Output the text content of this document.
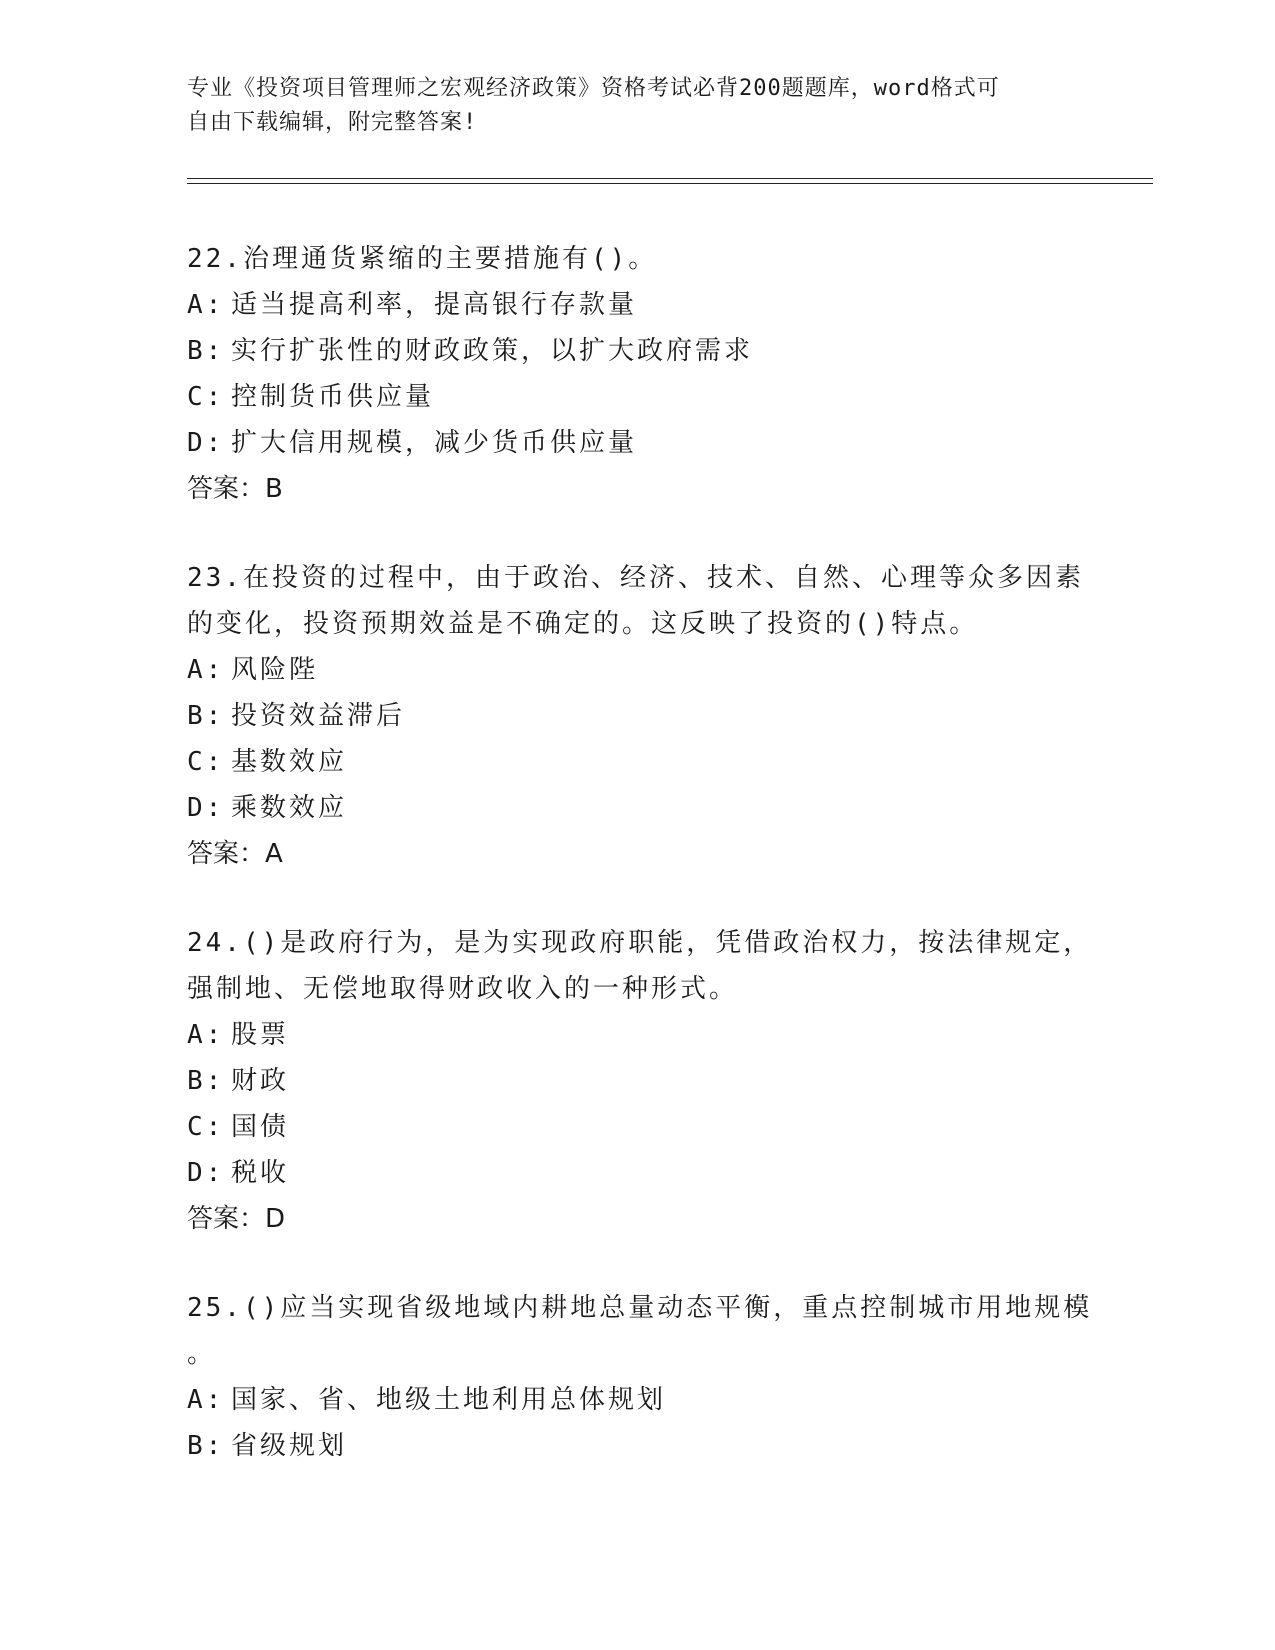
专业《投资项目管理师之宏观经济政策》资格考试必背200题题库，word格式可
自由下载编辑，附完整答案!
22.治理通货紧缩的主要措施有()。
A: 适当提高利率，提高银行存款量
B: 实行扩张性的财政政策，以扩大政府需求
C: 控制货币供应量
D: 扩大信用规模，减少货币供应量
答案：B
23.在投资的过程中，由于政治、经济、技术、自然、心理等众多因素
的变化，投资预期效益是不确定的。这反映了投资的()特点。
A: 风险陛
B: 投资效益滞后
C: 基数效应
D: 乘数效应
答案：A
24.()是政府行为，是为实现政府职能，凭借政治权力，按法律规定，
强制地、无偿地取得财政收入的一种形式。
A: 股票
B: 财政
C: 国债
D: 税收
答案：D
25.()应当实现省级地域内耕地总量动态平衡，重点控制城市用地规模
。
A: 国家、省、地级土地利用总体规划
B: 省级规划
